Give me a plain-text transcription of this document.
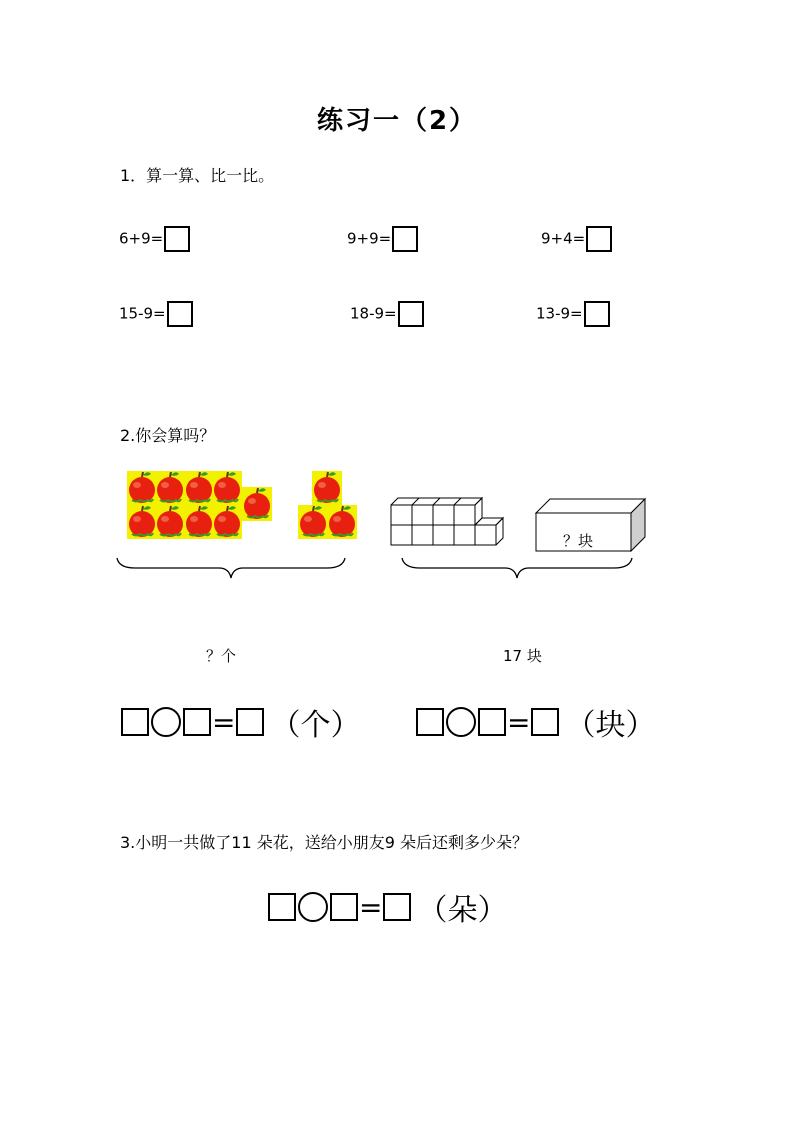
练习一（2）
1．算一算、比一比。
6+9=	9+9=	9+4=
15-9=	18-9=	13-9=
2.你会算吗？
？块
？个	17 块
= （个）	= （块）
3.小明一共做了11 朵花，送给小朋友9 朵后还剩多少朵？
= （朵）
